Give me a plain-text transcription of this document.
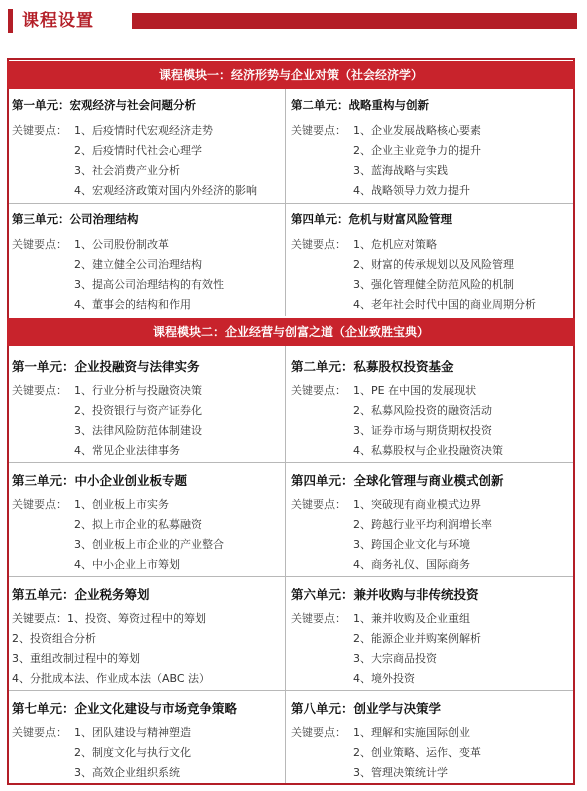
课程设置
课程模块一：经济形势与企业对策（社会经济学）
第一单元：宏观经济与社会问题分析
关键要点： 1、后疫情时代宏观经济走势
2、后疫情时代社会心理学
3、社会消费产业分析
4、宏观经济政策对国内外经济的影响
第二单元：战略重构与创新
关键要点： 1、企业发展战略核心要素
2、企业主业竞争力的提升
3、蓝海战略与实践
4、战略领导力效力提升
第三单元：公司治理结构
关键要点： 1、公司股份制改革
2、建立健全公司治理结构
3、提高公司治理结构的有效性
4、董事会的结构和作用
第四单元：危机与财富风险管理
关键要点： 1、危机应对策略
2、财富的传承规划以及风险管理
3、强化管理健全防范风险的机制
4、老年社会时代中国的商业周期分析
课程模块二：企业经营与创富之道（企业致胜宝典）
第一单元：企业投融资与法律实务
关键要点： 1、行业分析与投融资决策
2、投资银行与资产证券化
3、法律风险防范体制建设
4、常见企业法律事务
第二单元：私募股权投资基金
关键要点： 1、PE 在中国的发展现状
2、私募风险投资的融资活动
3、证券市场与期货期权投资
4、私募股权与企业投融资决策
第三单元：中小企业创业板专题
关键要点： 1、创业板上市实务
2、拟上市企业的私募融资
3、创业板上市企业的产业整合
4、中小企业上市筹划
第四单元：全球化管理与商业模式创新
关键要点： 1、突破现有商业模式边界
2、跨越行业平均利润增长率
3、跨国企业文化与环境
4、商务礼仪、国际商务
第五单元：企业税务筹划
关键要点：1、投资、筹资过程中的筹划
2、投资组合分析
3、重组改制过程中的筹划
4、分批成本法、作业成本法（ABC 法）
第六单元：兼并收购与非传统投资
关键要点： 1、兼并收购及企业重组
2、能源企业并购案例解析
3、大宗商品投资
4、境外投资
第七单元：企业文化建设与市场竞争策略
关键要点： 1、团队建设与精神塑造
2、制度文化与执行文化
3、高效企业组织系统
第八单元：创业学与决策学
关键要点： 1、理解和实施国际创业
2、创业策略、运作、变革
3、管理决策统计学
